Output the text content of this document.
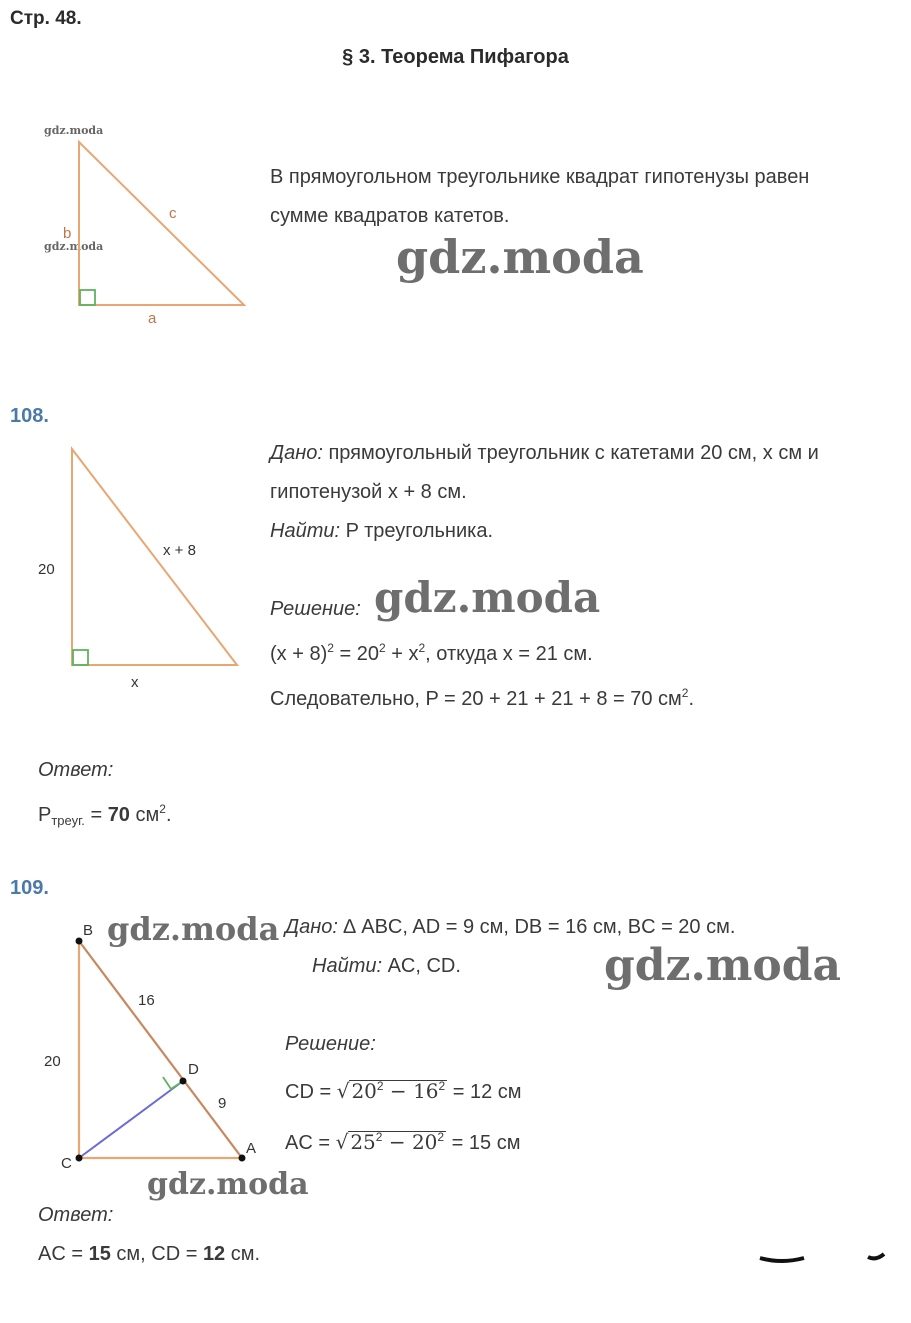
Стр. 48.
§ 3. Теорема Пифагора
gdz.moda
gdz.moda
b
c
a
20
x + 8
x
B
C
A
D
20
16
9
gdz.moda
gdz.moda
gdz.moda
gdz.moda
gdz.moda
В прямоугольном треугольнике квадрат гипотенузы равен
сумме квадратов катетов.
108.
Дано: прямоугольный треугольник с катетами 20 см, x см и
гипотенузой x + 8 см.
Найти: P треугольника.
Решение:
$(x + 8)^2 = 20^2 + x^2$, откуда x = 21 см.
Следовательно, P = 20 + 21 + 21 + 8 = 70 $см^2$.
Ответ:
$P_{треуг.} = 70$ $см^2$.
109.
Дано: ∆ ABC, AD = 9 см, DB = 16 см, BC = 20 см.
Найти: AC, CD.
Решение:
CD = √ $20^2 - 16^2 = 12$ см
AC = √ $25^2 - 20^2 = 15$ см
Ответ:
AC = 15 см, CD = 12 см.
